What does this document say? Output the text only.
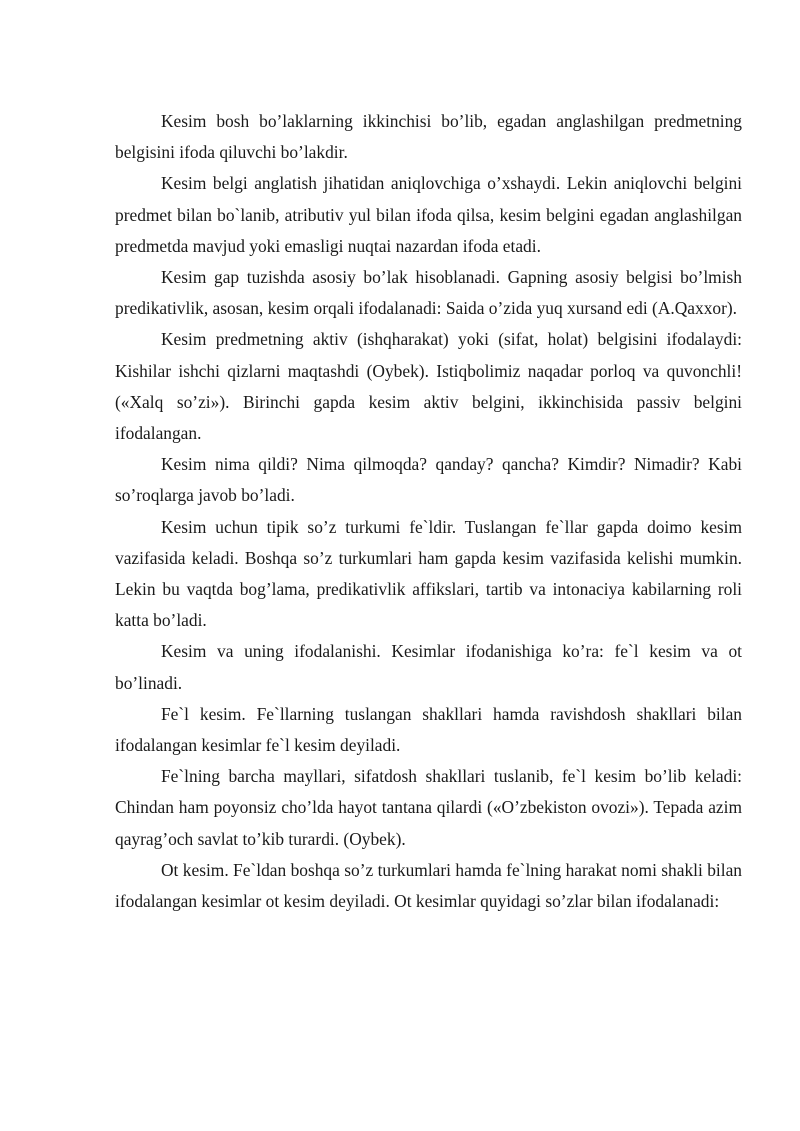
Kesim bosh bo’laklarning ikkinchisi bo’lib, egadan anglashilgan predmetning belgisini ifoda qiluvchi bo’lakdir.

Kesim belgi anglatish jihatidan aniqlovchiga o’xshaydi. Lekin aniqlovchi belgini predmet bilan bo`lanib, atributiv yul bilan ifoda qilsa, kesim belgini egadan anglashilgan predmetda mavjud yoki emasligi nuqtai nazardan ifoda etadi.

Kesim gap tuzishda asosiy bo’lak hisoblanadi. Gapning asosiy belgisi bo’lmish predikativlik, asosan, kesim orqali ifodalanadi: Saida o’zida yuq xursand edi (A.Qaxxor).

Kesim predmetning aktiv (ishqharakat) yoki (sifat, holat) belgisini ifodalaydi: Kishilar ishchi qizlarni maqtashdi (Oybek). Istiqbolimiz naqadar porloq va quvonchli! («Xalq so’zi»). Birinchi gapda kesim aktiv belgini, ikkinchisida passiv belgini ifodalangan.

Kesim nima qildi? Nima qilmoqda? qanday? qancha? Kimdir? Nimadir? Kabi so’roqlarga javob bo’ladi.

Kesim uchun tipik so’z turkumi fe`ldir. Tuslangan fe`llar gapda doimo kesim vazifasida keladi. Boshqa so’z turkumlari ham gapda kesim vazifasida kelishi mumkin. Lekin bu vaqtda bog’lama, predikativlik affikslari, tartib va intonaciya kabilarning roli katta bo’ladi.

Kesim va uning ifodalanishi. Kesimlar ifodanishiga ko’ra: fe`l kesim va ot bo’linadi.

Fe`l kesim. Fe`llarning tuslangan shakllari hamda ravishdosh shakllari bilan ifodalangan kesimlar fe`l kesim deyiladi.

Fe`lning barcha mayllari, sifatdosh shakllari tuslanib, fe`l kesim bo’lib keladi: Chindan ham poyonsiz cho’lda hayot tantana qilardi («O’zbekiston ovozi»). Tepada azim qayrag’och savlat to’kib turardi. (Oybek).

Ot kesim. Fe`ldan boshqa so’z turkumlari hamda fe`lning harakat nomi shakli bilan ifodalangan kesimlar ot kesim deyiladi. Ot kesimlar quyidagi so’zlar bilan ifodalanadi:
